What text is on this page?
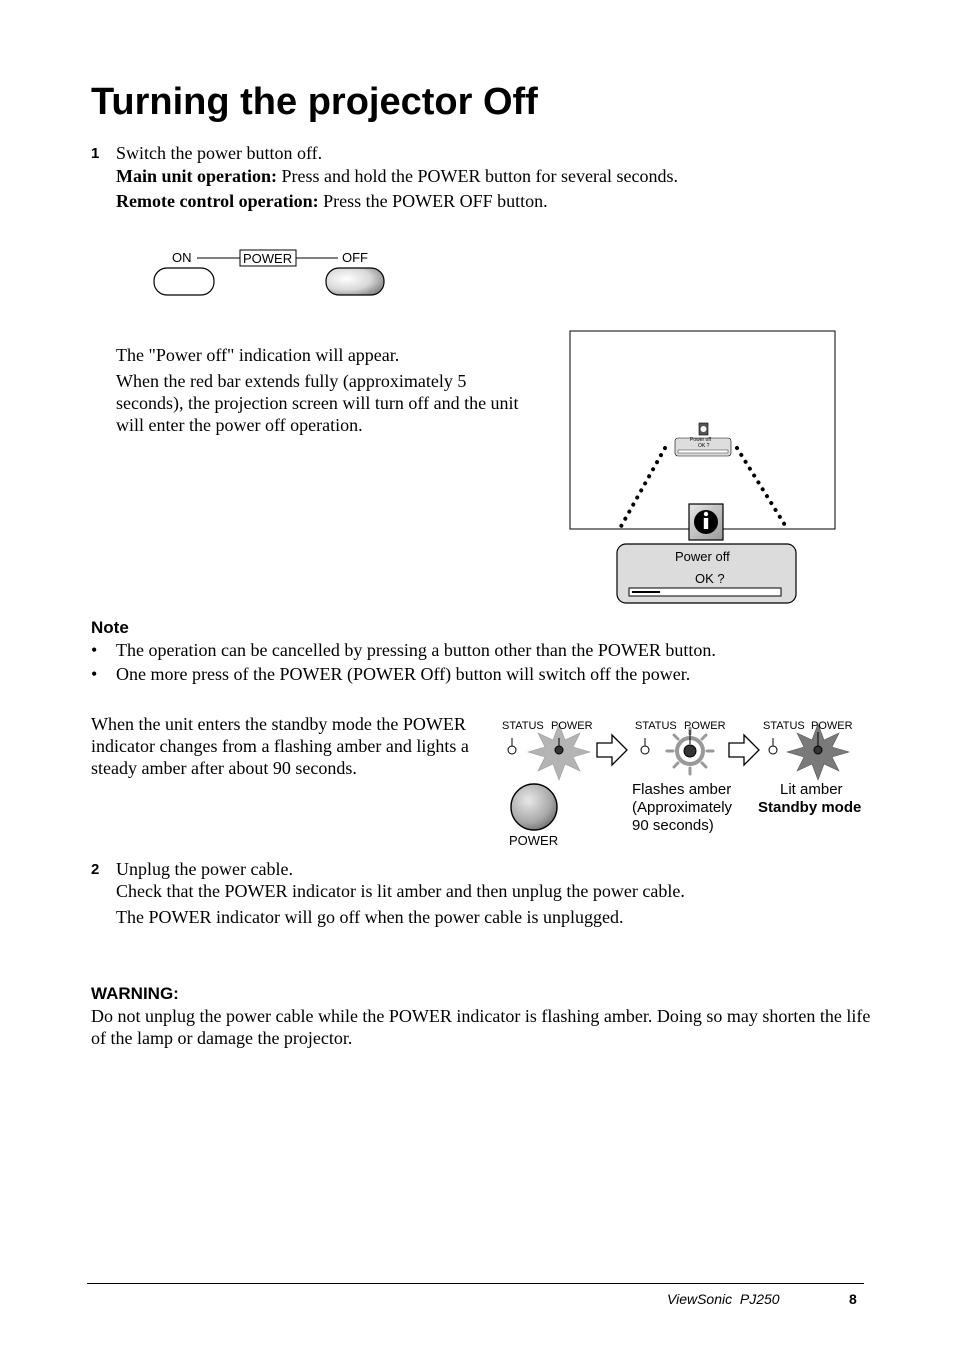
Turning the projector Off
1 Switch the power button off.
Main unit operation: Press and hold the POWER button for several seconds.
Remote control operation: Press the POWER OFF button.
ON	POWER	OFF
The "Power off" indication will appear.
When the red bar extends fully (approximately 5 seconds), the projection screen will turn off and the unit will enter the power off operation.
Power off
OK ?
Power off
OK ?
Note
• The operation can be cancelled by pressing a button other than the POWER button.
• One more press of the POWER (POWER Off) button will switch off the power.
When the unit enters the standby mode the POWER indicator changes from a flashing amber and lights a steady amber after about 90 seconds.
STATUS POWER	STATUS POWER	STATUS POWER
POWER
Flashes amber
(Approximately
90 seconds)
Lit amber
Standby mode
2 Unplug the power cable.
Check that the POWER indicator is lit amber and then unplug the power cable.
The POWER indicator will go off when the power cable is unplugged.
WARNING:
Do not unplug the power cable while the POWER indicator is flashing amber. Doing so may shorten the life of the lamp or damage the projector.
ViewSonic  PJ250	8
